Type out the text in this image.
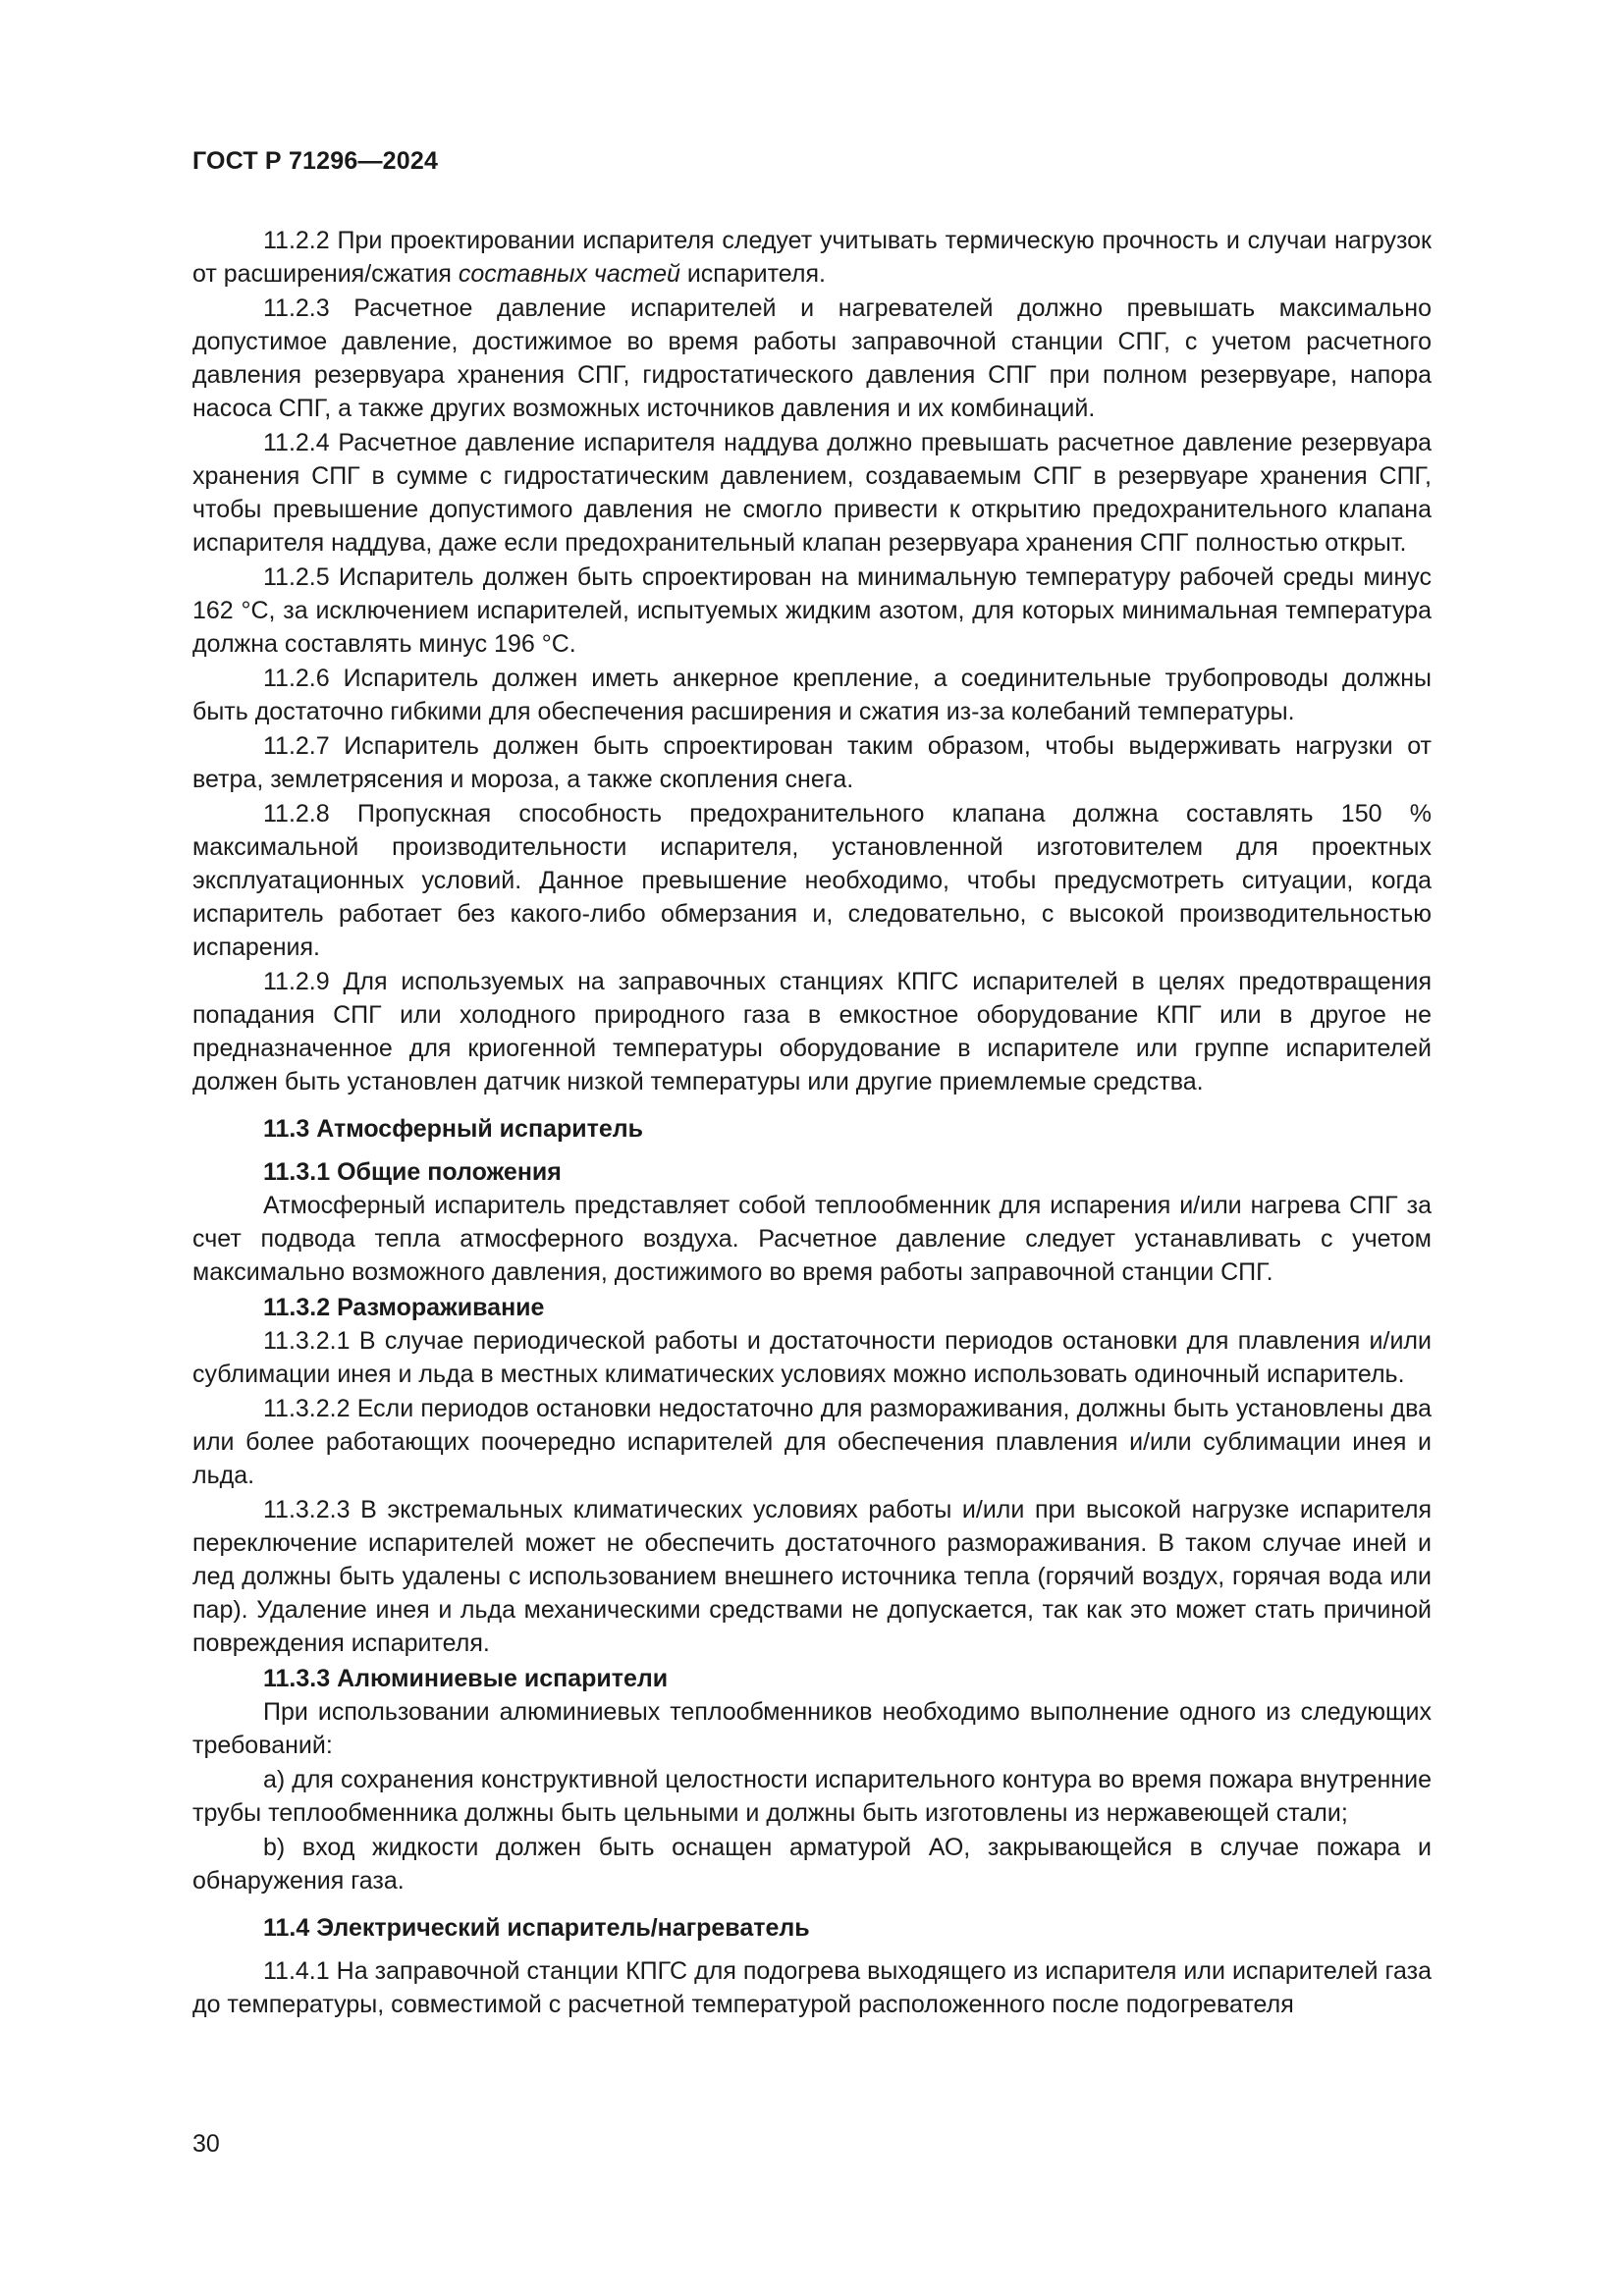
ГОСТ Р 71296—2024

11.2.2 При проектировании испарителя следует учитывать термическую прочность и случаи нагрузок от расширения/сжатия составных частей испарителя.

11.2.3 Расчетное давление испарителей и нагревателей должно превышать максимально допустимое давление, достижимое во время работы заправочной станции СПГ, с учетом расчетного давления резервуара хранения СПГ, гидростатического давления СПГ при полном резервуаре, напора насоса СПГ, а также других возможных источников давления и их комбинаций.

11.2.4 Расчетное давление испарителя наддува должно превышать расчетное давление резервуара хранения СПГ в сумме с гидростатическим давлением, создаваемым СПГ в резервуаре хранения СПГ, чтобы превышение допустимого давления не смогло привести к открытию предохранительного клапана испарителя наддува, даже если предохранительный клапан резервуара хранения СПГ полностью открыт.

11.2.5 Испаритель должен быть спроектирован на минимальную температуру рабочей среды минус 162 °С, за исключением испарителей, испытуемых жидким азотом, для которых минимальная температура должна составлять минус 196 °С.

11.2.6 Испаритель должен иметь анкерное крепление, а соединительные трубопроводы должны быть достаточно гибкими для обеспечения расширения и сжатия из-за колебаний температуры.

11.2.7 Испаритель должен быть спроектирован таким образом, чтобы выдерживать нагрузки от ветра, землетрясения и мороза, а также скопления снега.

11.2.8 Пропускная способность предохранительного клапана должна составлять 150 % максимальной производительности испарителя, установленной изготовителем для проектных эксплуатационных условий. Данное превышение необходимо, чтобы предусмотреть ситуации, когда испаритель работает без какого-либо обмерзания и, следовательно, с высокой производительностью испарения.

11.2.9 Для используемых на заправочных станциях КПГС испарителей в целях предотвращения попадания СПГ или холодного природного газа в емкостное оборудование КПГ или в другое не предназначенное для криогенной температуры оборудование в испарителе или группе испарителей должен быть установлен датчик низкой температуры или другие приемлемые средства.

11.3 Атмосферный испаритель
11.3.1 Общие положения

Атмосферный испаритель представляет собой теплообменник для испарения и/или нагрева СПГ за счет подвода тепла атмосферного воздуха. Расчетное давление следует устанавливать с учетом максимально возможного давления, достижимого во время работы заправочной станции СПГ.

11.3.2 Размораживание

11.3.2.1 В случае периодической работы и достаточности периодов остановки для плавления и/или сублимации инея и льда в местных климатических условиях можно использовать одиночный испаритель.

11.3.2.2 Если периодов остановки недостаточно для размораживания, должны быть установлены два или более работающих поочередно испарителей для обеспечения плавления и/или сублимации инея и льда.

11.3.2.3 В экстремальных климатических условиях работы и/или при высокой нагрузке испарителя переключение испарителей может не обеспечить достаточного размораживания. В таком случае иней и лед должны быть удалены с использованием внешнего источника тепла (горячий воздух, горячая вода или пар). Удаление инея и льда механическими средствами не допускается, так как это может стать причиной повреждения испарителя.

11.3.3 Алюминиевые испарители

При использовании алюминиевых теплообменников необходимо выполнение одного из следующих требований:

a) для сохранения конструктивной целостности испарительного контура во время пожара внутренние трубы теплообменника должны быть цельными и должны быть изготовлены из нержавеющей стали;

b) вход жидкости должен быть оснащен арматурой АО, закрывающейся в случае пожара и обнаружения газа.

11.4 Электрический испаритель/нагреватель

11.4.1 На заправочной станции КПГС для подогрева выходящего из испарителя или испарителей газа до температуры, совместимой с расчетной температурой расположенного после подогревателя

30
